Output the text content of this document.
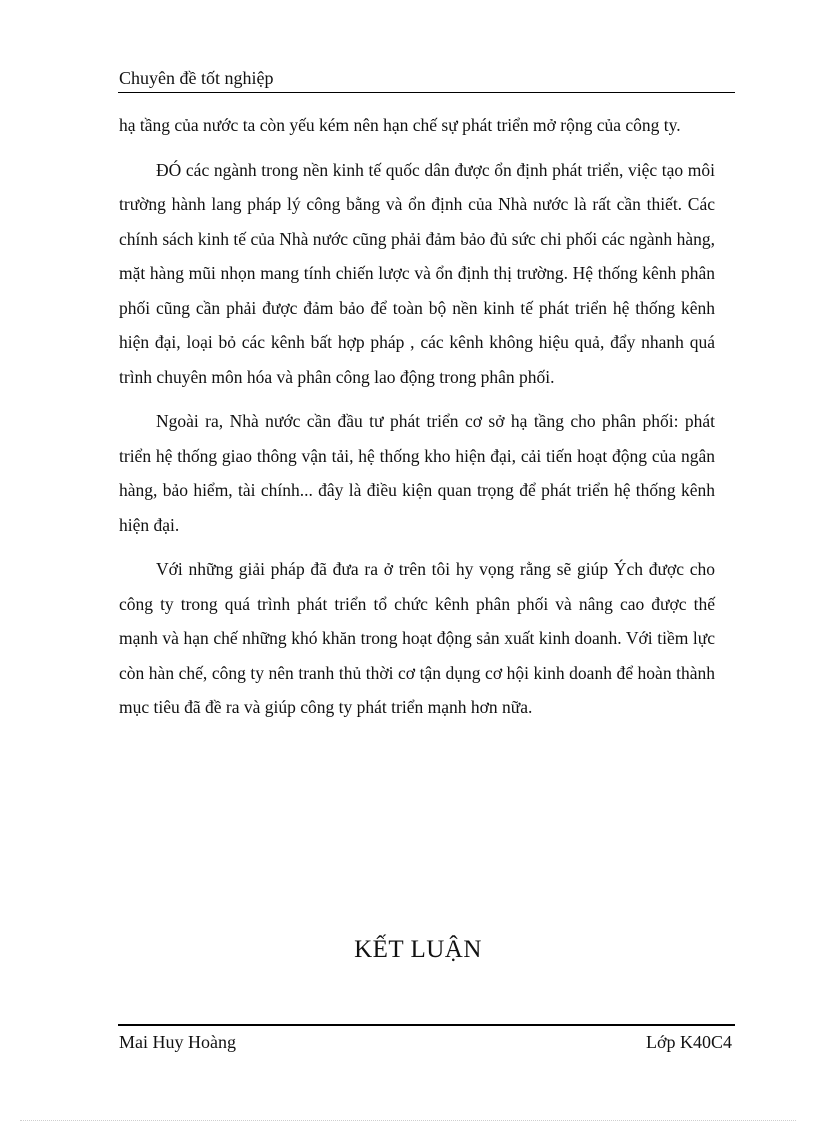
Chuyên đề tốt nghiệp

hạ tầng của nước ta còn yếu kém nên hạn chế sự phát triển mở rộng của công ty.

ĐÓ các ngành trong nền kinh tế quốc dân được ổn định phát triển, việc tạo môi trường hành lang pháp lý công bằng và ổn định của Nhà nước là rất cần thiết. Các chính sách kinh tế của Nhà nước cũng phải đảm bảo đủ sức chi phối các ngành hàng, mặt hàng mũi nhọn mang tính chiến lược và ổn định thị trường. Hệ thống kênh phân phối cũng cần phải được đảm bảo để toàn bộ nền kinh tế phát triển hệ thống kênh hiện đại, loại bỏ các kênh bất hợp pháp , các kênh không hiệu quả, đẩy nhanh quá trình chuyên môn hóa và phân công lao động trong phân phối.

Ngoài ra, Nhà nước cần đầu tư phát triển cơ sở hạ tầng cho phân phối: phát triển hệ thống giao thông vận tải, hệ thống kho hiện đại, cải tiến hoạt động của ngân hàng, bảo hiểm, tài chính... đây là điều kiện quan trọng để phát triển hệ thống kênh hiện đại.

Với những giải pháp đã đưa ra ở trên tôi hy vọng rằng sẽ giúp Ých được cho công ty trong quá trình phát triển tổ chức kênh phân phối và nâng cao được thế mạnh và hạn chế những khó khăn trong hoạt động sản xuất kinh doanh. Với tiềm lực còn hàn chế, công ty nên tranh thủ thời cơ tận dụng cơ hội kinh doanh để hoàn thành mục tiêu đã đề ra và giúp công ty phát triển mạnh hơn nữa.

KẾT LUẬN
Mai Huy Hoàng	Lớp K40C4
